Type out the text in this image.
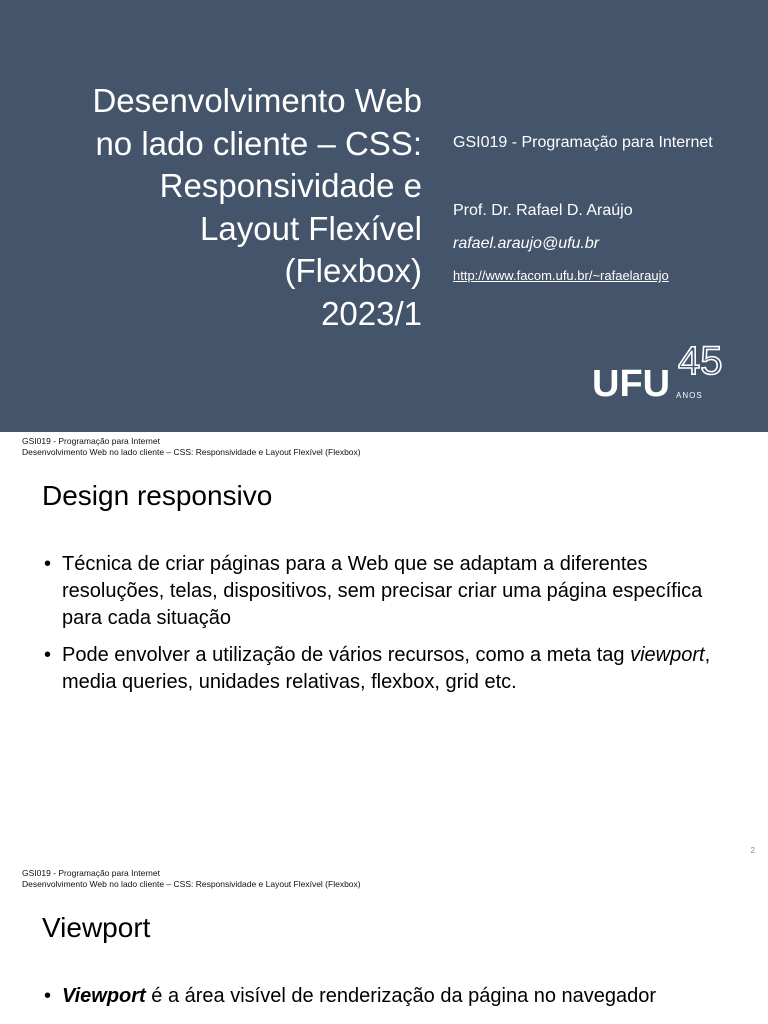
Desenvolvimento Web
no lado cliente – CSS:
Responsividade e
Layout Flexível
(Flexbox)
2023/1
GSI019 - Programação para Internet
Prof. Dr. Rafael D. Araújo
rafael.araujo@ufu.br
http://www.facom.ufu.br/~rafaelaraujo
UFU
45
ANOS
GSI019 - Programação para Internet
Desenvolvimento Web no lado cliente – CSS: Responsividade e Layout Flexível (Flexbox)
Design responsivo
• Técnica de criar páginas para a Web que se adaptam a diferentes resoluções, telas, dispositivos, sem precisar criar uma página específica para cada situação
• Pode envolver a utilização de vários recursos, como a meta tag viewport, media queries, unidades relativas, flexbox, grid etc.
2
GSI019 - Programação para Internet
Desenvolvimento Web no lado cliente – CSS: Responsividade e Layout Flexível (Flexbox)
Viewport
• Viewport é a área visível de renderização da página no navegador
